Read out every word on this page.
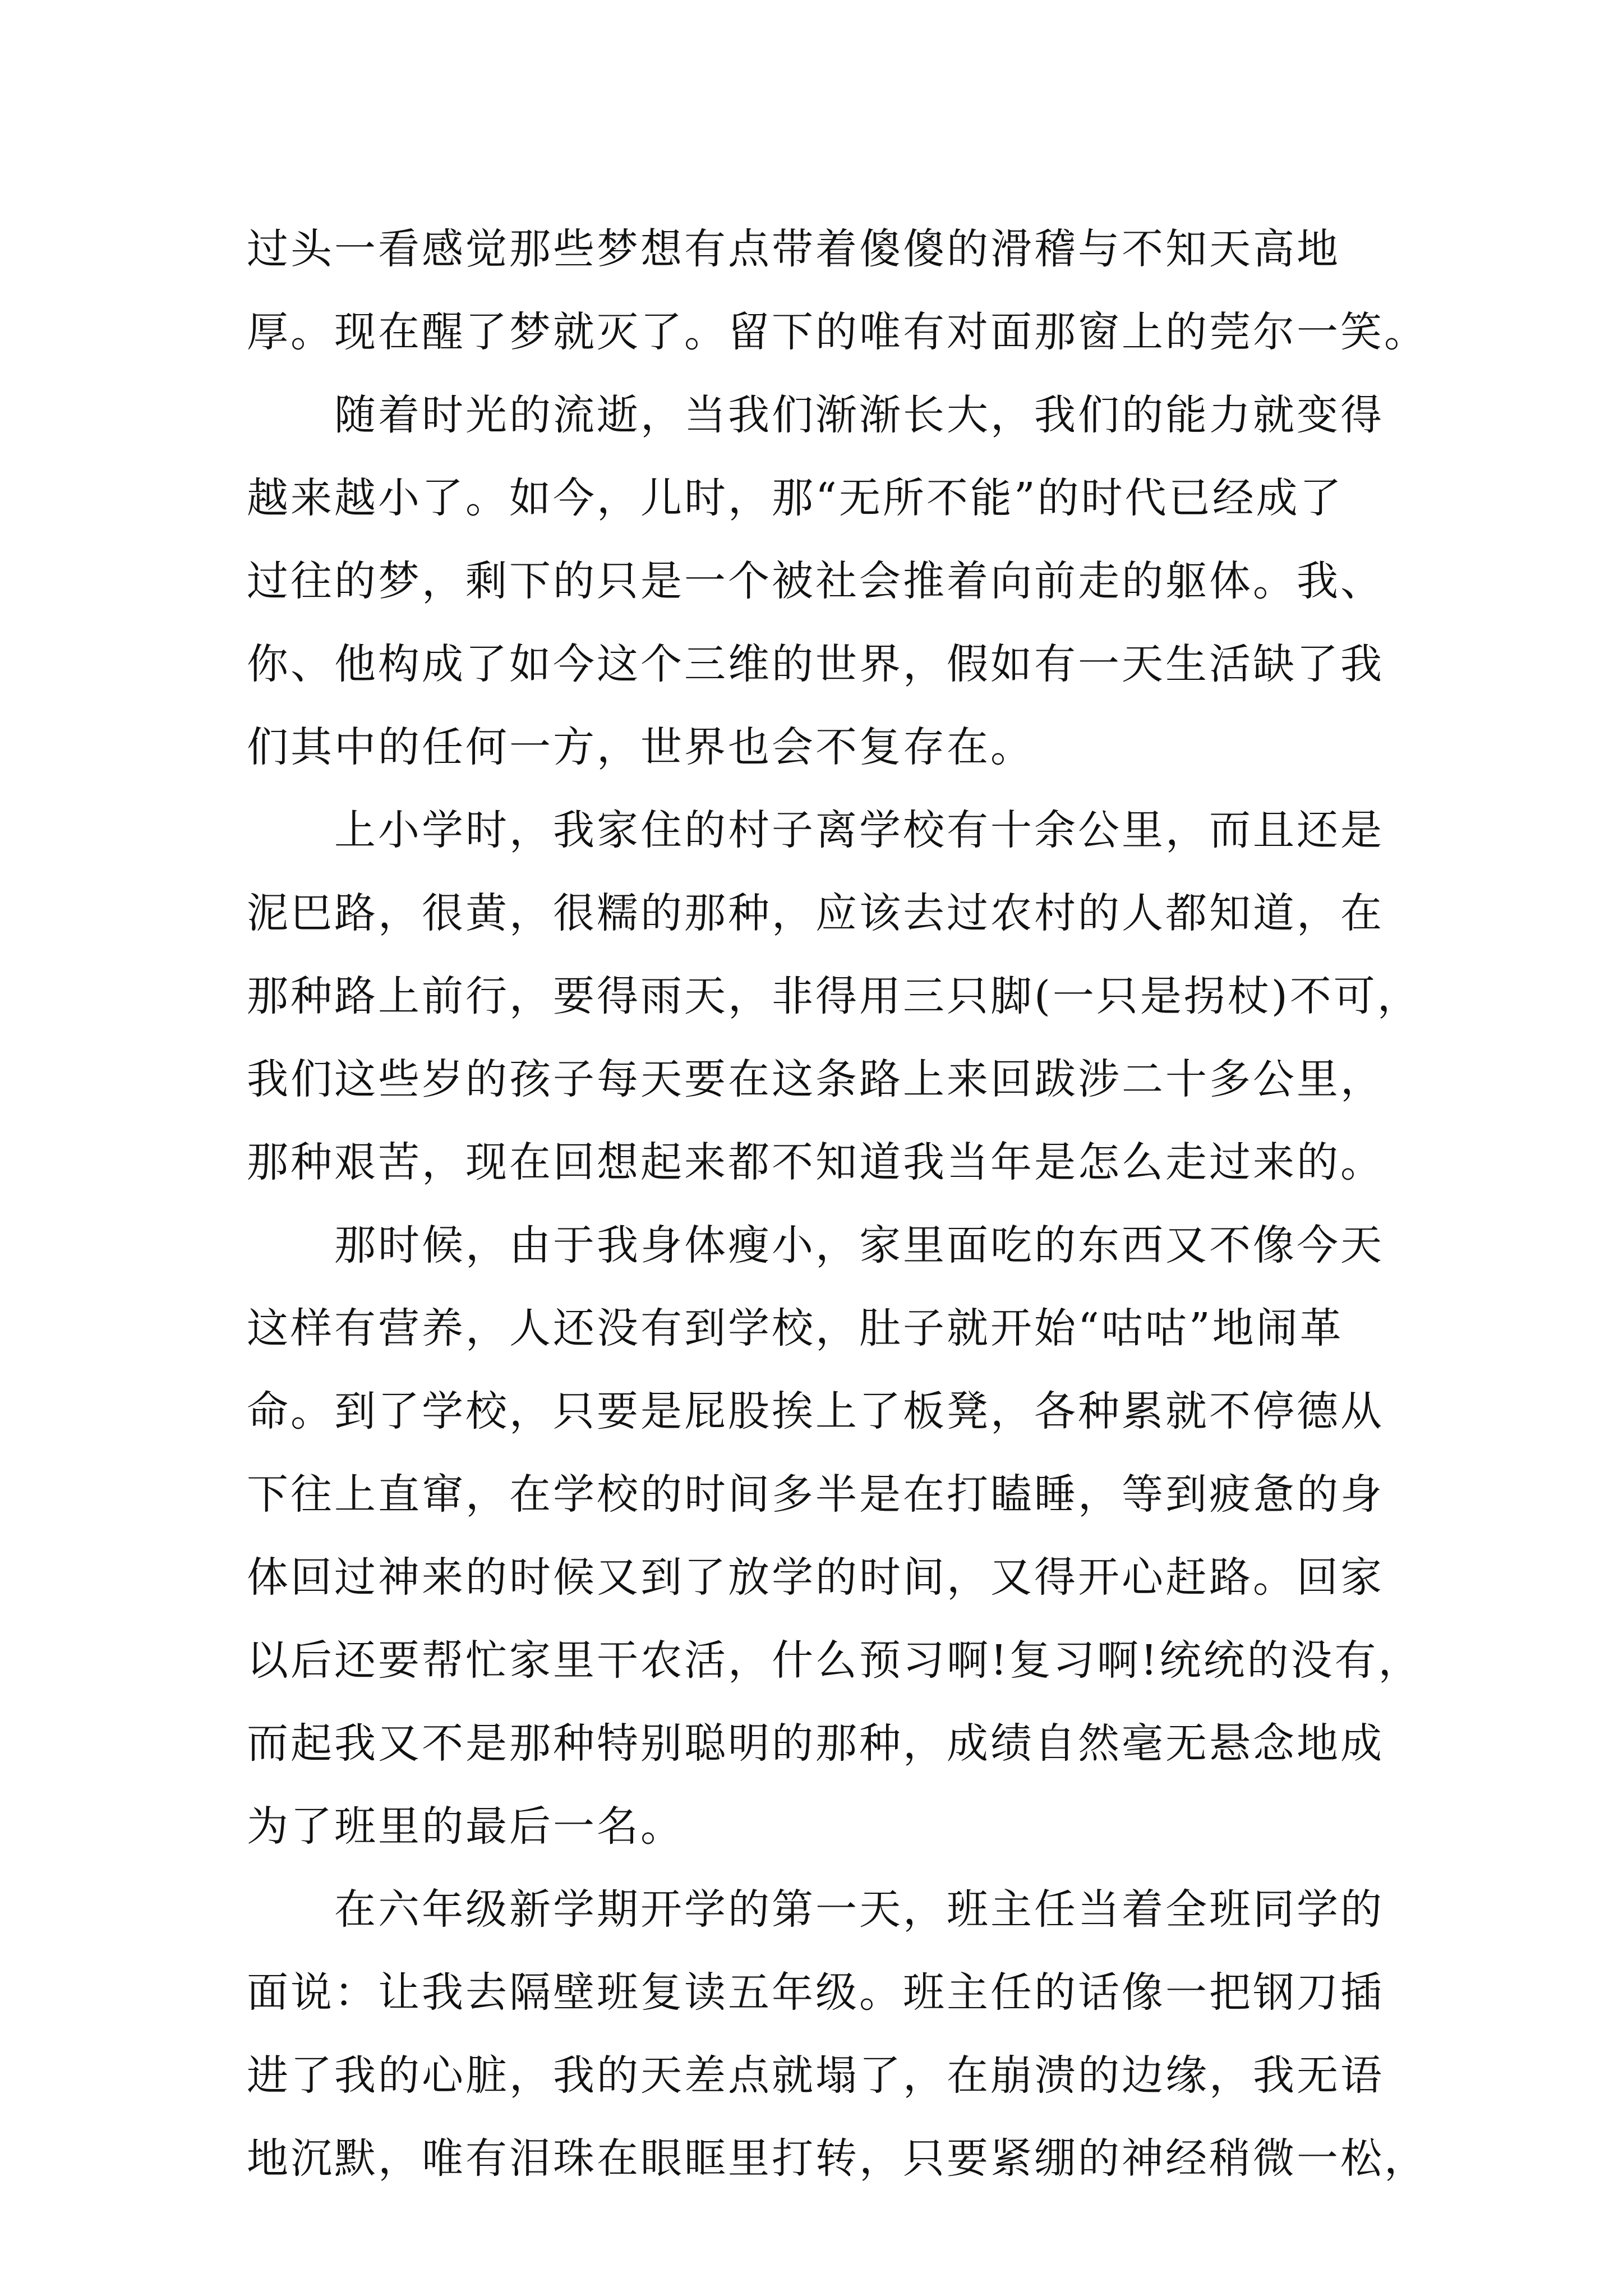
过头一看感觉那些梦想有点带着傻傻的滑稽与不知天高地
厚。现在醒了梦就灭了。留下的唯有对面那窗上的莞尔一笑。
　　随着时光的流逝，当我们渐渐长大，我们的能力就变得
越来越小了。如今，儿时，那“无所不能”的时代已经成了
过往的梦，剩下的只是一个被社会推着向前走的躯体。我、
你、他构成了如今这个三维的世界，假如有一天生活缺了我
们其中的任何一方，世界也会不复存在。
　　上小学时，我家住的村子离学校有十余公里，而且还是
泥巴路，很黄，很糯的那种，应该去过农村的人都知道，在
那种路上前行，要得雨天，非得用三只脚(一只是拐杖)不可，
我们这些岁的孩子每天要在这条路上来回跋涉二十多公里，
那种艰苦，现在回想起来都不知道我当年是怎么走过来的。
　　那时候，由于我身体瘦小，家里面吃的东西又不像今天
这样有营养，人还没有到学校，肚子就开始“咕咕”地闹革
命。到了学校，只要是屁股挨上了板凳，各种累就不停德从
下往上直窜，在学校的时间多半是在打瞌睡，等到疲惫的身
体回过神来的时候又到了放学的时间，又得开心赶路。回家
以后还要帮忙家里干农活，什么预习啊!复习啊!统统的没有，
而起我又不是那种特别聪明的那种，成绩自然毫无悬念地成
为了班里的最后一名。
　　在六年级新学期开学的第一天，班主任当着全班同学的
面说：让我去隔壁班复读五年级。班主任的话像一把钢刀插
进了我的心脏，我的天差点就塌了，在崩溃的边缘，我无语
地沉默，唯有泪珠在眼眶里打转，只要紧绷的神经稍微一松，
